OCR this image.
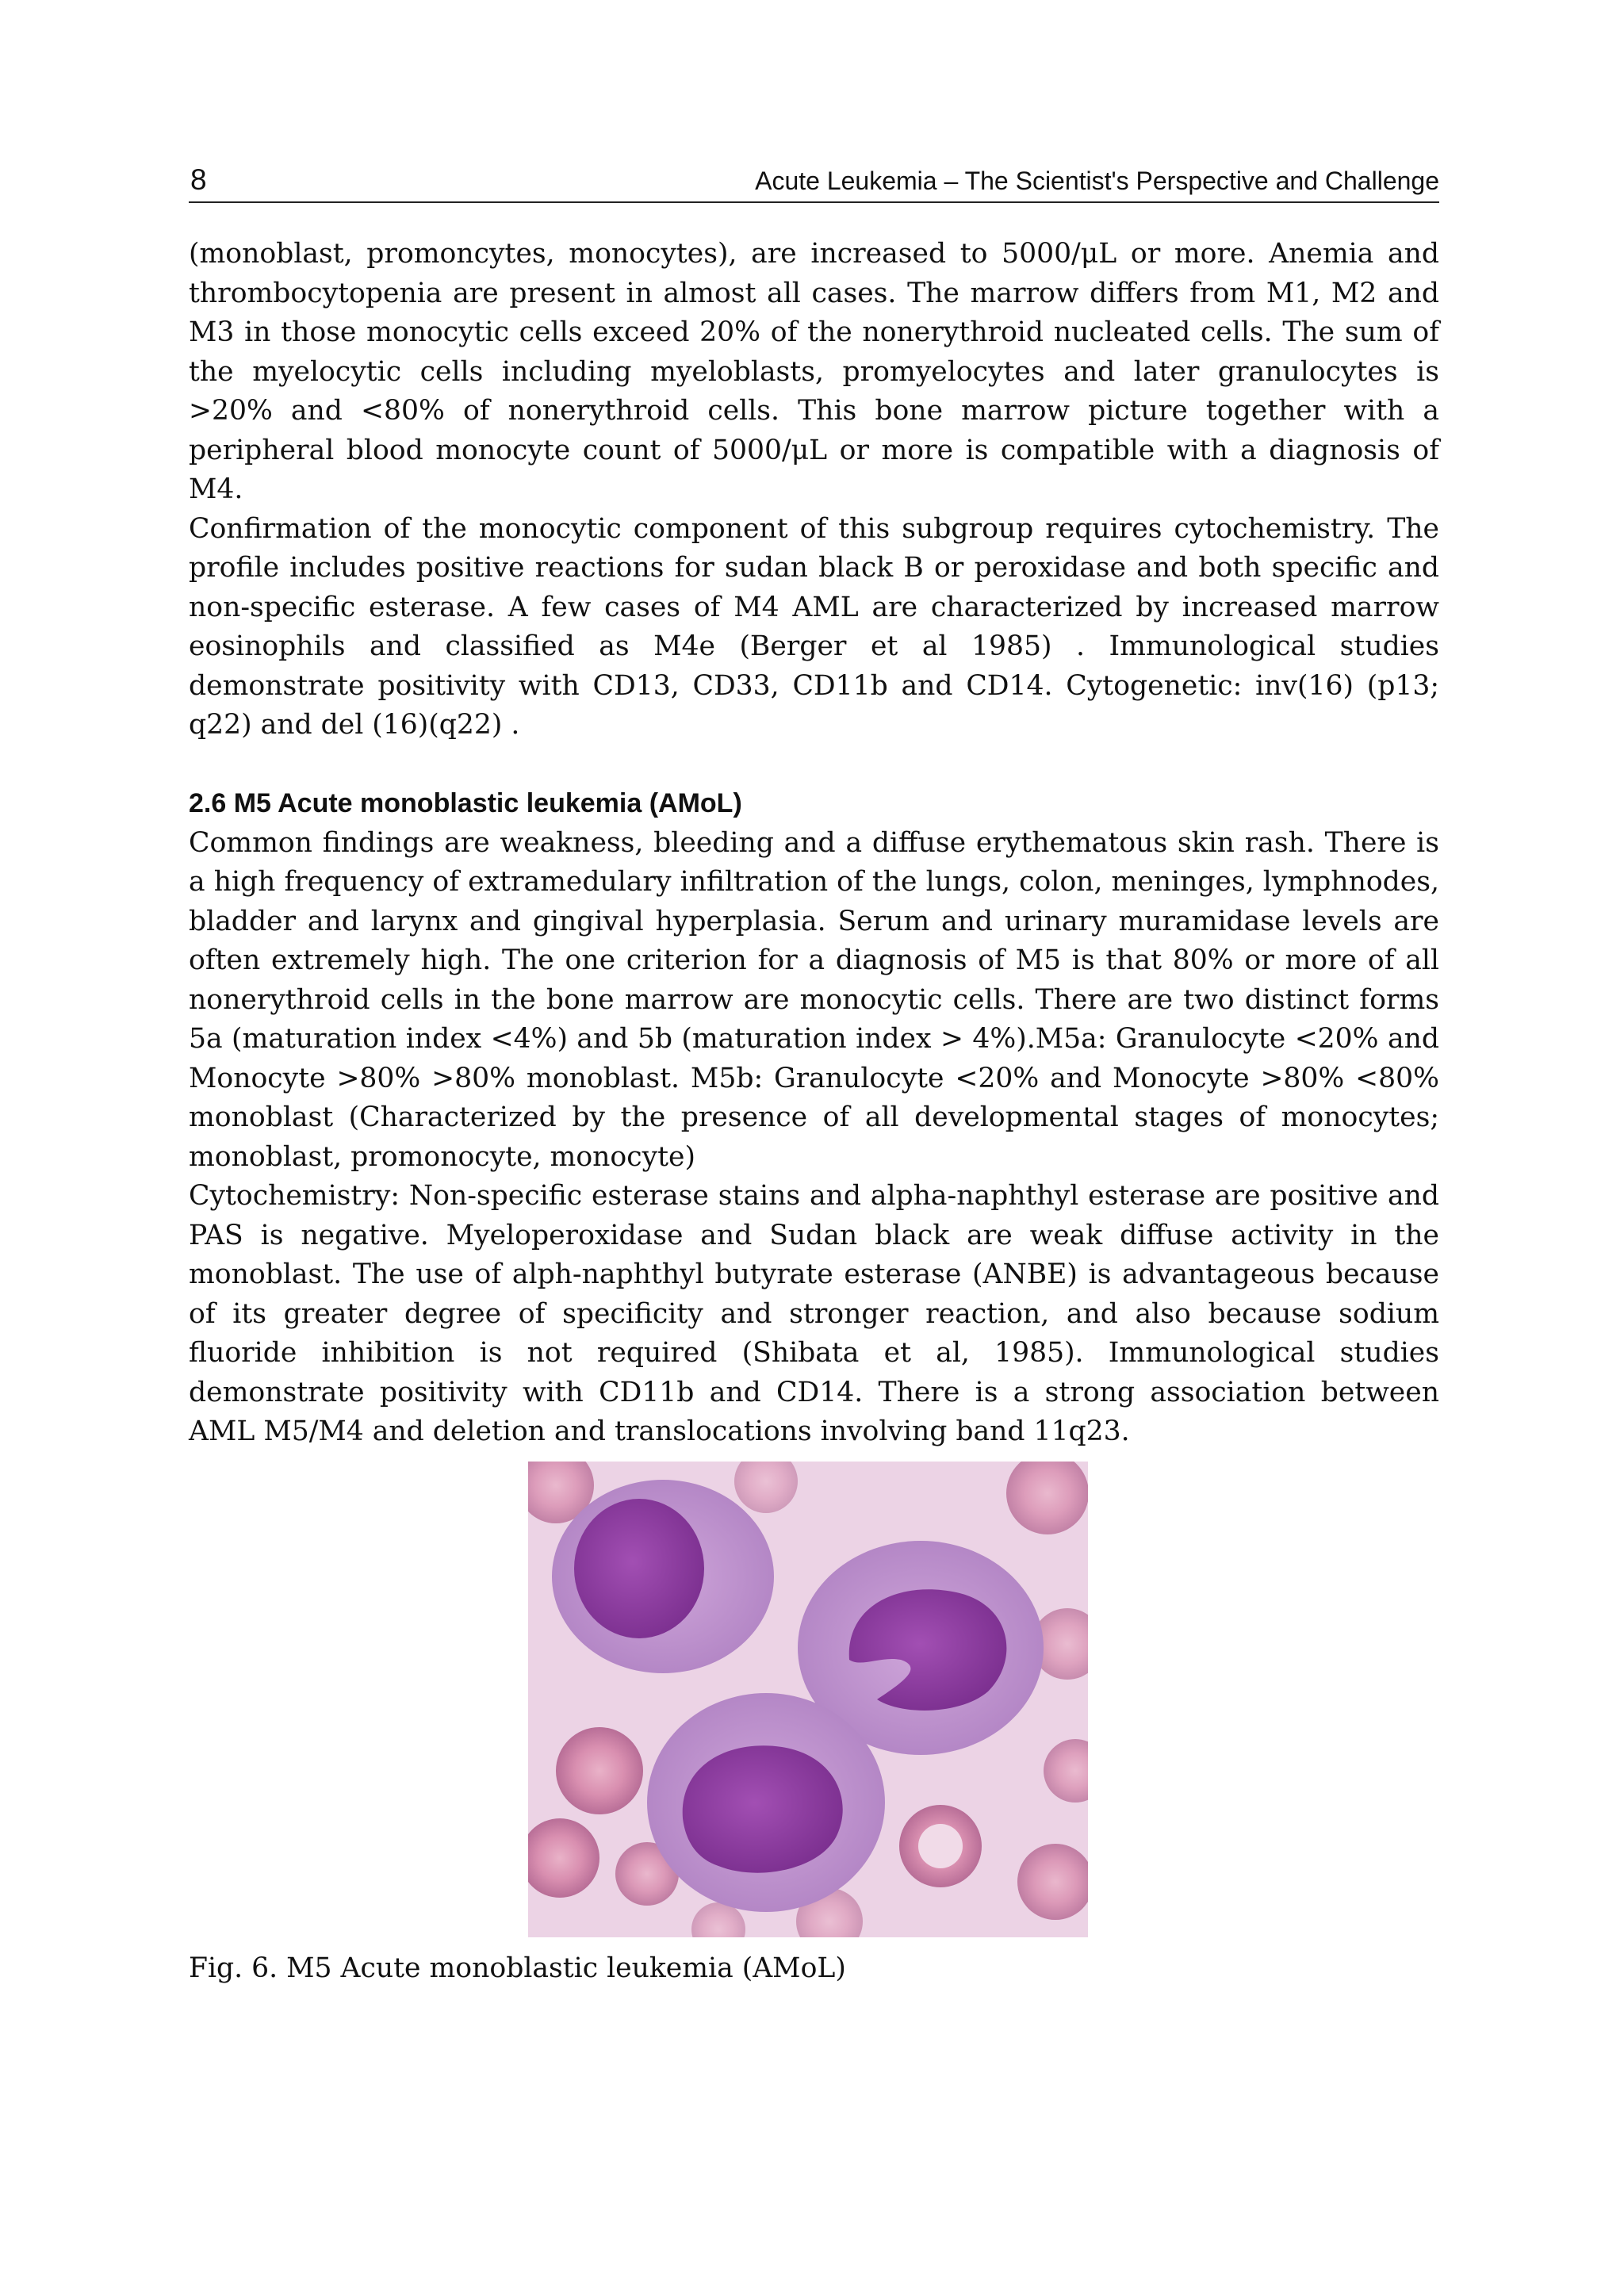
8	Acute Leukemia – The Scientist's Perspective and Challenge

(monoblast, promoncytes, monocytes), are increased to 5000/μL or more. Anemia and thrombocytopenia are present in almost all cases. The marrow differs from M1, M2 and M3 in those monocytic cells exceed 20% of the nonerythroid nucleated cells. The sum of the myelocytic cells including myeloblasts, promyelocytes and later granulocytes is >20% and <80% of nonerythroid cells. This bone marrow picture together with a peripheral blood monocyte count of 5000/μL or more is compatible with a diagnosis of M4.

Confirmation of the monocytic component of this subgroup requires cytochemistry. The profile includes positive reactions for sudan black B or peroxidase and both specific and non-specific esterase. A few cases of M4 AML are characterized by increased marrow eosinophils and classified as M4e (Berger et al 1985) . Immunological studies demonstrate positivity with CD13, CD33, CD11b and CD14. Cytogenetic: inv(16) (p13; q22) and del (16)(q22) .

2.6 M5 Acute monoblastic leukemia (AMoL)

Common findings are weakness, bleeding and a diffuse erythematous skin rash. There is a high frequency of extramedulary infiltration of the lungs, colon, meninges, lymphnodes, bladder and larynx and gingival hyperplasia. Serum and urinary muramidase levels are often extremely high. The one criterion for a diagnosis of M5 is that 80% or more of all nonerythroid cells in the bone marrow are monocytic cells. There are two distinct forms 5a (maturation index <4%) and 5b (maturation index > 4%).M5a: Granulocyte <20% and Monocyte >80% >80% monoblast. M5b: Granulocyte <20% and Monocyte >80% <80% monoblast (Characterized by the presence of all developmental stages of monocytes; monoblast, promonocyte, monocyte)

Cytochemistry: Non-specific esterase stains and alpha-naphthyl esterase are positive and PAS is negative. Myeloperoxidase and Sudan black are weak diffuse activity in the monoblast. The use of alph-naphthyl butyrate esterase (ANBE) is advantageous because of its greater degree of specificity and stronger reaction, and also because sodium fluoride inhibition is not required (Shibata et al, 1985). Immunological studies demonstrate positivity with CD11b and CD14. There is a strong association between AML M5/M4 and deletion and translocations involving band 11q23.

Fig. 6. M5 Acute monoblastic leukemia (AMoL)
